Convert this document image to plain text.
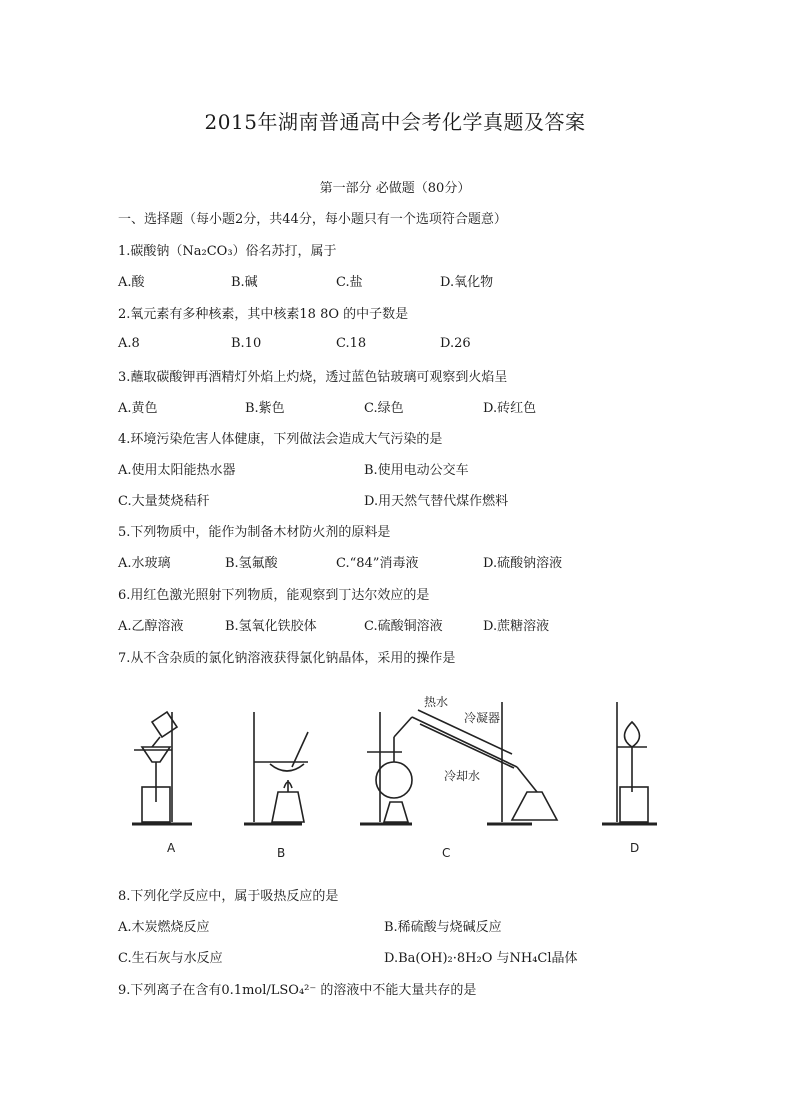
2015年湖南普通高中会考化学真题及答案
第一部分 必做题（80分）
一、选择题（每小题2分，共44分，每小题只有一个选项符合题意）
1.碳酸钠（Na₂CO₃）俗名苏打，属于
A.酸	B.碱	C.盐	D.氧化物
2.氧元素有多种核素，其中核素18 8O 的中子数是
A.8	B.10	C.18	D.26
3.蘸取碳酸钾再酒精灯外焰上灼烧，透过蓝色钴玻璃可观察到火焰呈
A.黄色	B.紫色	C.绿色	D.砖红色
4.环境污染危害人体健康，下列做法会造成大气污染的是
A.使用太阳能热水器	B.使用电动公交车
C.大量焚烧秸秆	D.用天然气替代煤作燃料
5.下列物质中，能作为制备木材防火剂的原料是
A.水玻璃	B.氢氟酸	C.“84”消毒液	D.硫酸钠溶液
6.用红色激光照射下列物质，能观察到丁达尔效应的是
A.乙醇溶液	B.氢氧化铁胶体	C.硫酸铜溶液	D.蔗糖溶液
7.从不含杂质的氯化钠溶液获得氯化钠晶体，采用的操作是
A	B	C	D
热水
冷凝器
冷却水
8.下列化学反应中，属于吸热反应的是
A.木炭燃烧反应	B.稀硫酸与烧碱反应
C.生石灰与水反应	D.Ba(OH)₂·8H₂O 与NH₄Cl晶体
9.下列离子在含有0.1mol/LSO₄²⁻ 的溶液中不能大量共存的是
